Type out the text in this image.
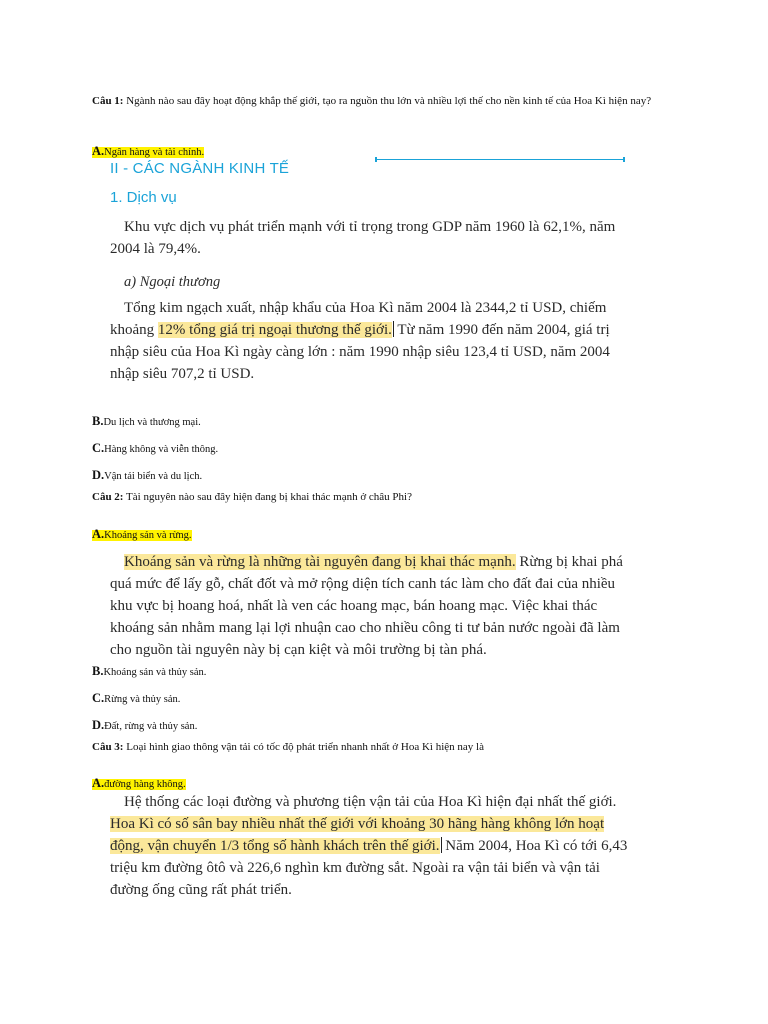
Câu 1: Ngành nào sau đây hoạt động khắp thế giới, tạo ra nguồn thu lớn và nhiều lợi thế cho nền kinh tế của Hoa Kì hiện nay?
A.Ngân hàng và tài chính.
II - CÁC NGÀNH KINH TẾ
1. Dịch vụ
Khu vực dịch vụ phát triển mạnh với tỉ trọng trong GDP năm 1960 là 62,1%, năm 2004 là 79,4%.
a) Ngoại thương
Tổng kim ngạch xuất, nhập khẩu của Hoa Kì năm 2004 là 2344,2 tỉ USD, chiếm khoảng 12% tổng giá trị ngoại thương thế giới. Từ năm 1990 đến năm 2004, giá trị nhập siêu của Hoa Kì ngày càng lớn : năm 1990 nhập siêu 123,4 tỉ USD, năm 2004 nhập siêu 707,2 tỉ USD.
B.Du lịch và thương mại.
C.Hàng không và viễn thông.
D.Vận tải biển và du lịch.
Câu 2: Tài nguyên nào sau đây hiện đang bị khai thác mạnh ở châu Phi?
A.Khoáng sản và rừng.
Khoáng sản và rừng là những tài nguyên đang bị khai thác mạnh. Rừng bị khai phá quá mức để lấy gỗ, chất đốt và mở rộng diện tích canh tác làm cho đất đai của nhiều khu vực bị hoang hoá, nhất là ven các hoang mạc, bán hoang mạc. Việc khai thác khoáng sản nhằm mang lại lợi nhuận cao cho nhiều công ti tư bản nước ngoài đã làm cho nguồn tài nguyên này bị cạn kiệt và môi trường bị tàn phá.
B.Khoáng sản và thủy sản.
C.Rừng và thủy sản.
D.Đất, rừng và thủy sản.
Câu 3: Loại hình giao thông vận tải có tốc độ phát triển nhanh nhất ở Hoa Kì hiện nay là
A.đường hàng không.
Hệ thống các loại đường và phương tiện vận tải của Hoa Kì hiện đại nhất thế giới. Hoa Kì có số sân bay nhiều nhất thế giới với khoảng 30 hãng hàng không lớn hoạt động, vận chuyển 1/3 tổng số hành khách trên thế giới. Năm 2004, Hoa Kì có tới 6,43 triệu km đường ôtô và 226,6 nghìn km đường sắt. Ngoài ra vận tải biển và vận tải đường ống cũng rất phát triển.
